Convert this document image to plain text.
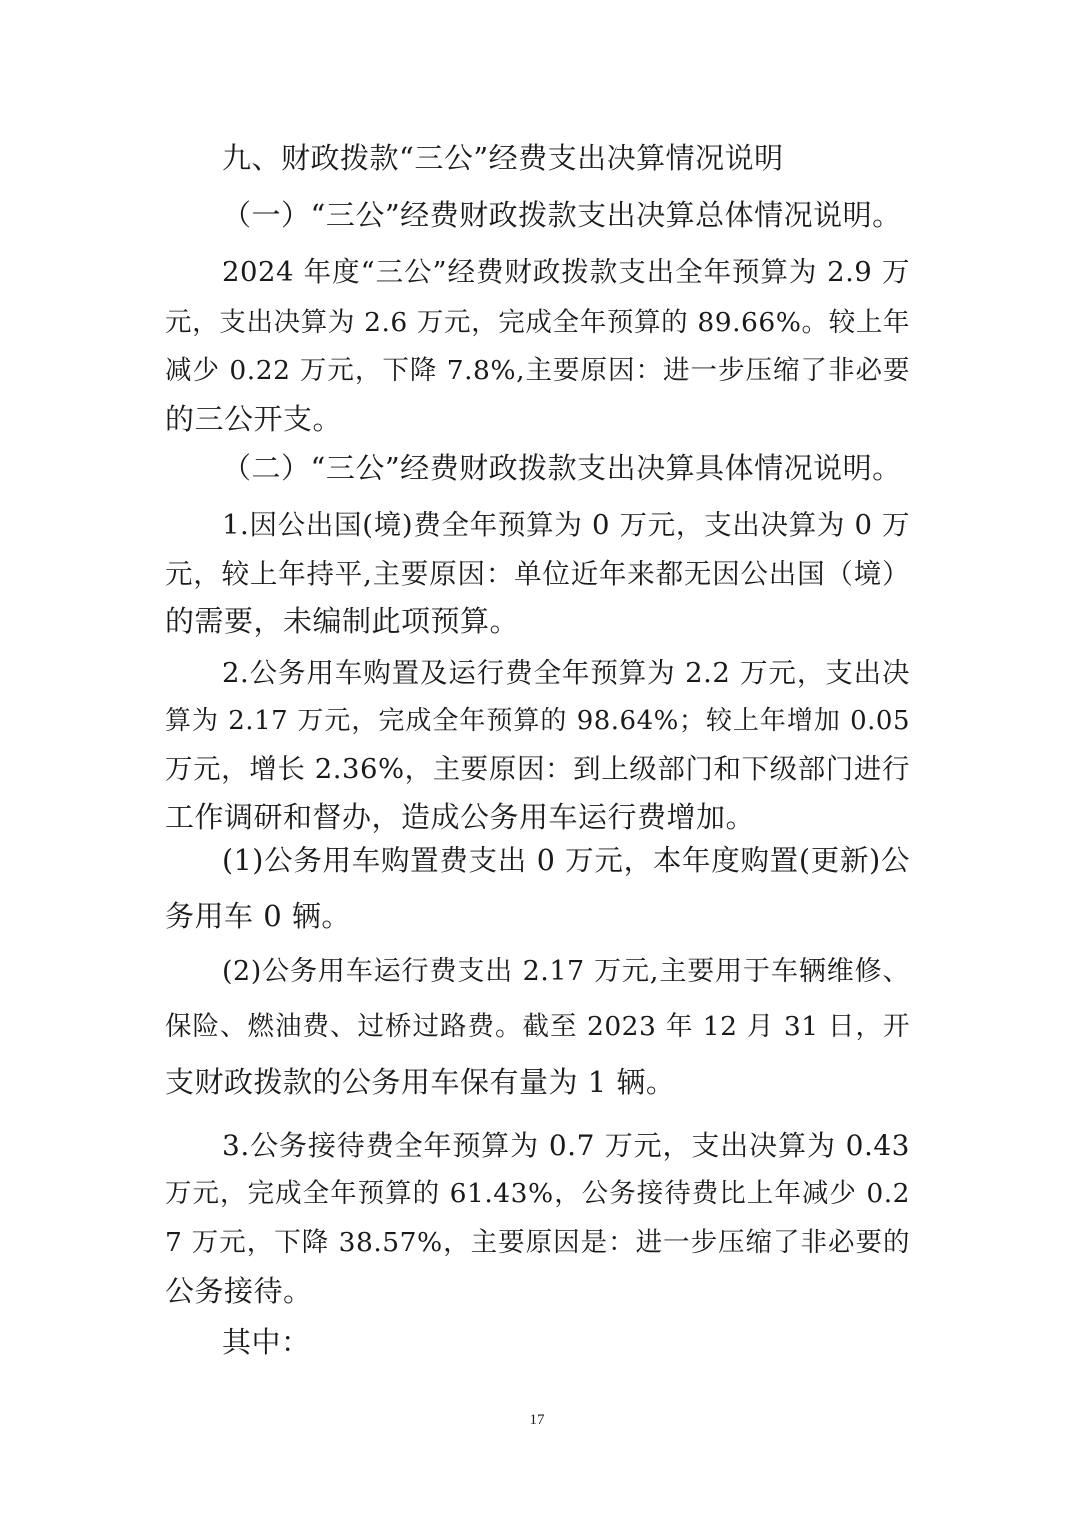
九、财政拨款“三公”经费支出决算情况说明

（一）“三公”经费财政拨款支出决算总体情况说明。

2024 年度“三公”经费财政拨款支出全年预算为 2.9 万

元，支出决算为 2.6 万元，完成全年预算的 89.66%。较上年

减少 0.22 万元，下降 7.8%,主要原因：进一步压缩了非必要

的三公开支。

（二）“三公”经费财政拨款支出决算具体情况说明。

1.因公出国(境)费全年预算为 0 万元，支出决算为 0 万

元，较上年持平,主要原因：单位近年来都无因公出国（境）

的需要，未编制此项预算。

2.公务用车购置及运行费全年预算为 2.2 万元，支出决

算为 2.17 万元，完成全年预算的 98.64%；较上年增加 0.05

万元，增长 2.36%，主要原因：到上级部门和下级部门进行

工作调研和督办，造成公务用车运行费增加。

(1)公务用车购置费支出 0 万元，本年度购置(更新)公

务用车 0 辆。

(2)公务用车运行费支出 2.17 万元,主要用于车辆维修、

保险、燃油费、过桥过路费。截至 2023 年 12 月 31 日，开

支财政拨款的公务用车保有量为 1 辆。

3.公务接待费全年预算为 0.7 万元，支出决算为 0.43

万元，完成全年预算的 61.43%，公务接待费比上年减少 0.2

7 万元，下降 38.57%，主要原因是：进一步压缩了非必要的

公务接待。

其中：

17
